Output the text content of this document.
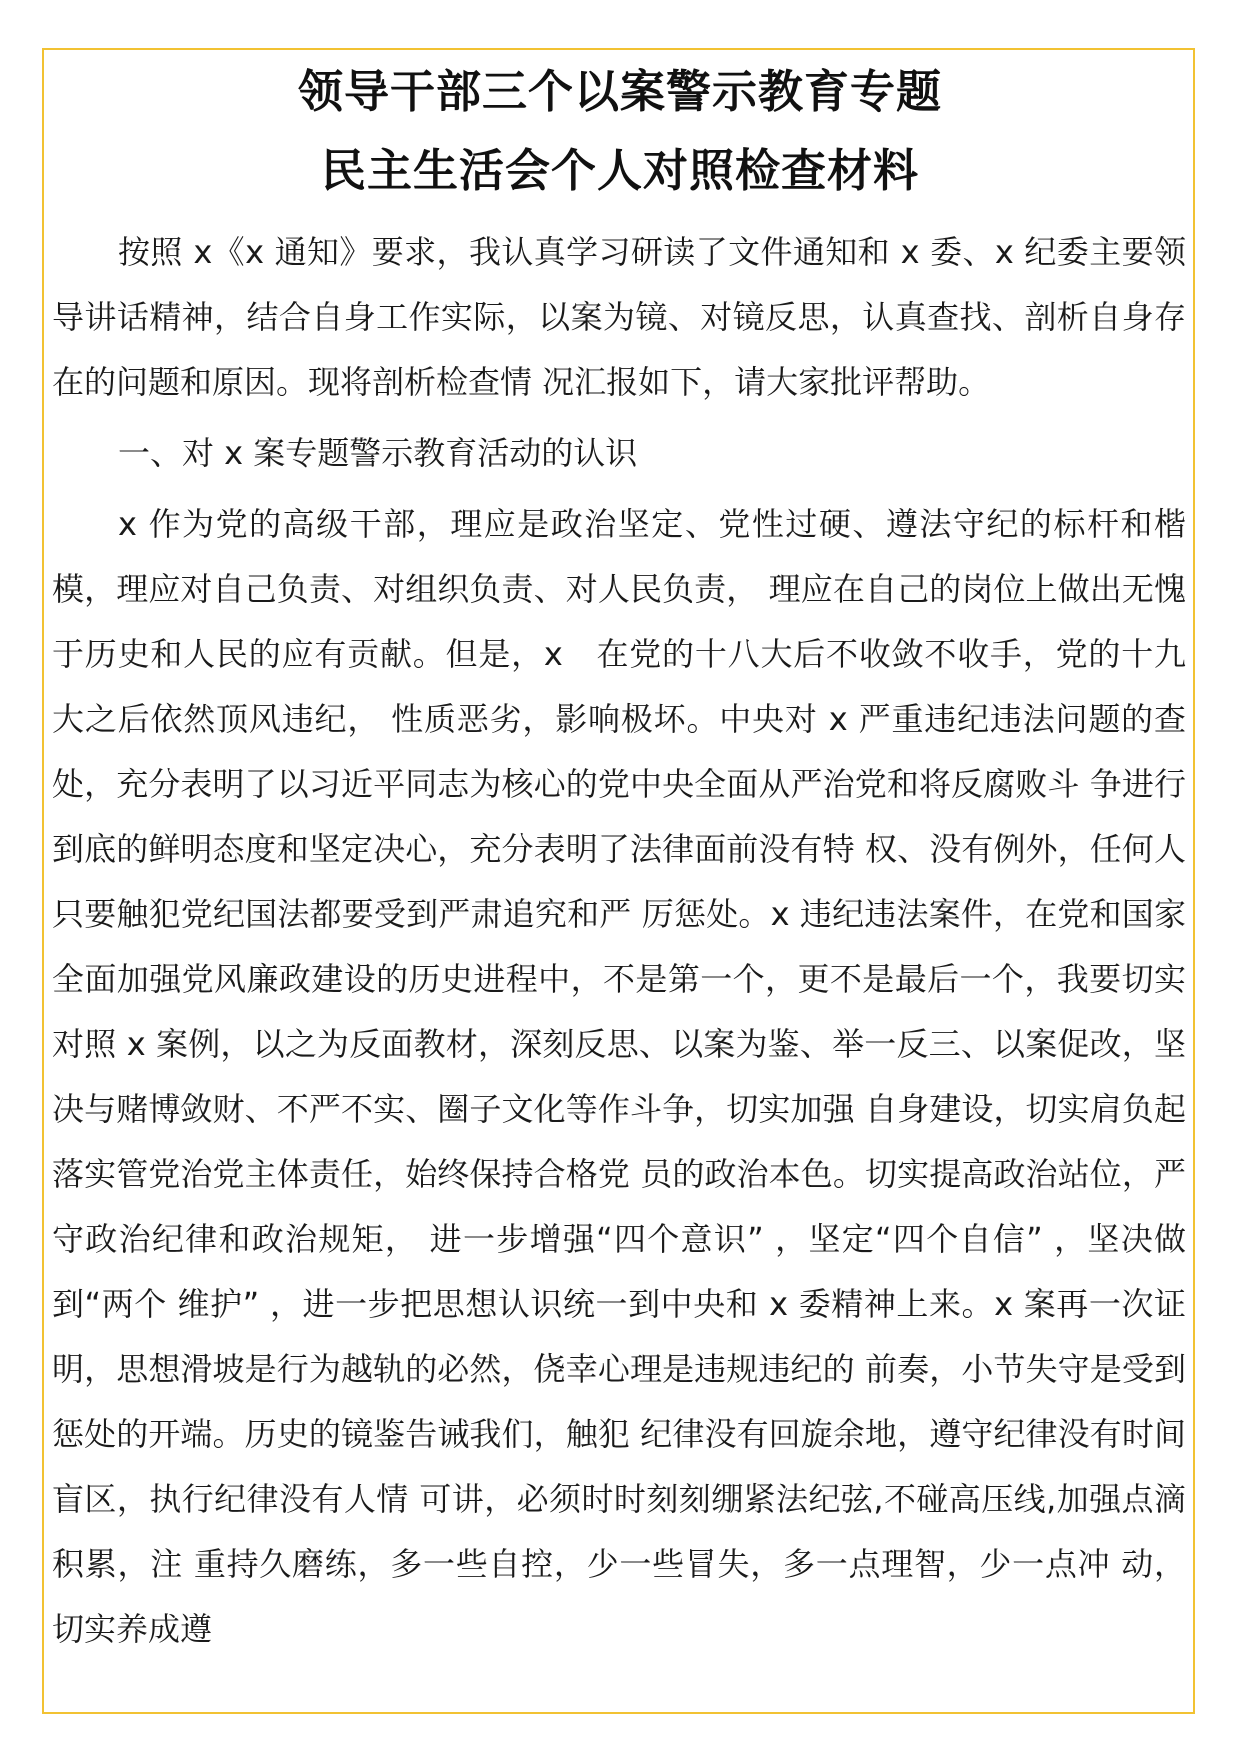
领导干部三个以案警示教育专题
民主生活会个人对照检查材料

按照 x《x 通知》要求，我认真学习研读了文件通知和 x 委、x 纪委主要领导讲话精神，结合自身工作实际，以案为镜、对镜反思，认真查找、剖析自身存在的问题和原因。现将剖析检查情 况汇报如下，请大家批评帮助。

一、对 x 案专题警示教育活动的认识

x 作为党的高级干部，理应是政治坚定、党性过硬、遵法守纪的标杆和楷模，理应对自己负责、对组织负责、对人民负责， 理应在自己的岗位上做出无愧于历史和人民的应有贡献。但是，x　在党的十八大后不收敛不收手，党的十九大之后依然顶风违纪， 性质恶劣，影响极坏。中央对 x 严重违纪违法问题的查处，充分表明了以习近平同志为核心的党中央全面从严治党和将反腐败斗 争进行到底的鲜明态度和坚定决心，充分表明了法律面前没有特 权、没有例外，任何人只要触犯党纪国法都要受到严肃追究和严 厉惩处。x 违纪违法案件，在党和国家全面加强党风廉政建设的历史进程中，不是第一个，更不是最后一个，我要切实对照 x 案例，以之为反面教材，深刻反思、以案为鉴、举一反三、以案促改，坚决与赌博敛财、不严不实、圈子文化等作斗争，切实加强 自身建设，切实肩负起落实管党治党主体责任，始终保持合格党 员的政治本色。切实提高政治站位，严守政治纪律和政治规矩， 进一步增强“四个意识” ，坚定“四个自信” ，坚决做到“两个 维护” ，进一步把思想认识统一到中央和 x 委精神上来。x 案再一次证明，思想滑坡是行为越轨的必然，侥幸心理是违规违纪的 前奏，小节失守是受到惩处的开端。历史的镜鉴告诫我们，触犯 纪律没有回旋余地，遵守纪律没有时间盲区，执行纪律没有人情 可讲，必须时时刻刻绷紧法纪弦,不碰高压线,加强点滴积累，注 重持久磨练，多一些自控，少一些冒失，多一点理智，少一点冲 动，切实养成遵
